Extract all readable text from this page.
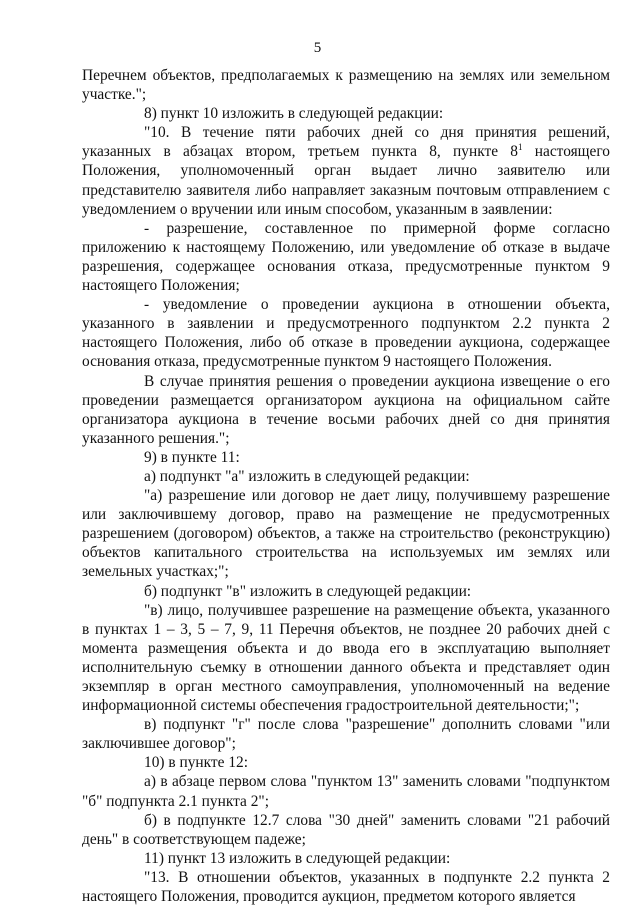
5

Перечнем объектов, предполагаемых к размещению на землях или земельном участке.";

8) пункт 10 изложить в следующей редакции:

"10. В течение пяти рабочих дней со дня принятия решений, указанных в абзацах втором, третьем пункта 8, пункте $8^1$ настоящего Положения, уполномоченный орган выдает лично заявителю или представителю заявителя либо направляет заказным почтовым отправлением с уведомлением о вручении или иным способом, указанным в заявлении:

- разрешение, составленное по примерной форме согласно приложению к настоящему Положению, или уведомление об отказе в выдаче разрешения, содержащее основания отказа, предусмотренные пунктом 9 настоящего Положения;

- уведомление о проведении аукциона в отношении объекта, указанного в заявлении и предусмотренного подпунктом 2.2 пункта 2 настоящего Положения, либо об отказе в проведении аукциона, содержащее основания отказа, предусмотренные пунктом 9 настоящего Положения.

В случае принятия решения о проведении аукциона извещение о его проведении размещается организатором аукциона на официальном сайте организатора аукциона в течение восьми рабочих дней со дня принятия указанного решения.";

9) в пункте 11:

а) подпункт "а" изложить в следующей редакции:

"а) разрешение или договор не дает лицу, получившему разрешение или заключившему договор, право на размещение не предусмотренных разрешением (договором) объектов, а также на строительство (реконструкцию) объектов капитального строительства на используемых им землях или земельных участках;";

б) подпункт "в" изложить в следующей редакции:

"в) лицо, получившее разрешение на размещение объекта, указанного в пунктах 1 – 3, 5 – 7, 9, 11 Перечня объектов, не позднее 20 рабочих дней с момента размещения объекта и до ввода его в эксплуатацию выполняет исполнительную съемку в отношении данного объекта и представляет один экземпляр в орган местного самоуправления, уполномоченный на ведение информационной системы обеспечения градостроительной деятельности;";

в) подпункт "г" после слова "разрешение" дополнить словами "или заключившее договор";

10) в пункте 12:

а) в абзаце первом слова "пунктом 13" заменить словами "подпунктом "б" подпункта 2.1 пункта 2";

б) в подпункте 12.7 слова "30 дней" заменить словами "21 рабочий день" в соответствующем падеже;

11) пункт 13 изложить в следующей редакции:

"13. В отношении объектов, указанных в подпункте 2.2 пункта 2 настоящего Положения, проводится аукцион, предметом которого является
